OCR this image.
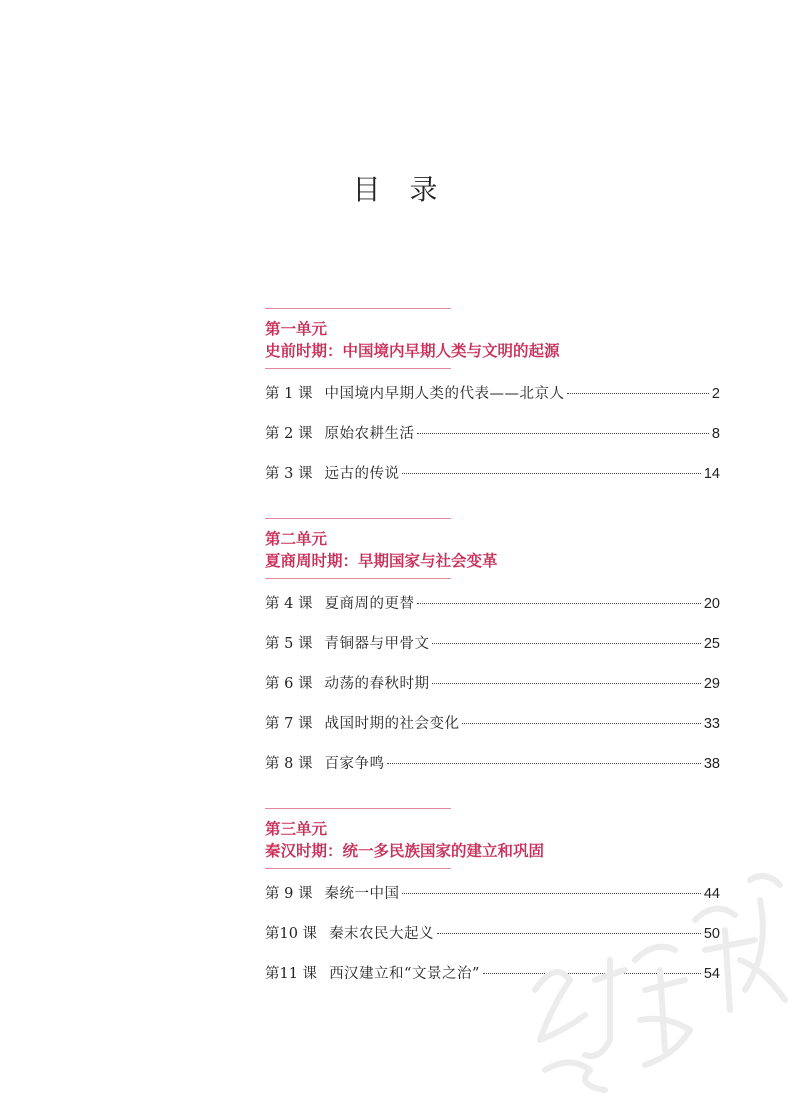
目 录
第一单元
史前时期：中国境内早期人类与文明的起源
第 1 课 中国境内早期人类的代表——北京人	2
第 2 课 原始农耕生活	8
第 3 课 远古的传说	14
第二单元
夏商周时期：早期国家与社会变革
第 4 课 夏商周的更替	20
第 5 课 青铜器与甲骨文	25
第 6 课 动荡的春秋时期	29
第 7 课 战国时期的社会变化	33
第 8 课 百家争鸣	38
第三单元
秦汉时期：统一多民族国家的建立和巩固
第 9 课 秦统一中国	44
第10 课 秦末农民大起义	50
第11 课 西汉建立和“文景之治”	54
